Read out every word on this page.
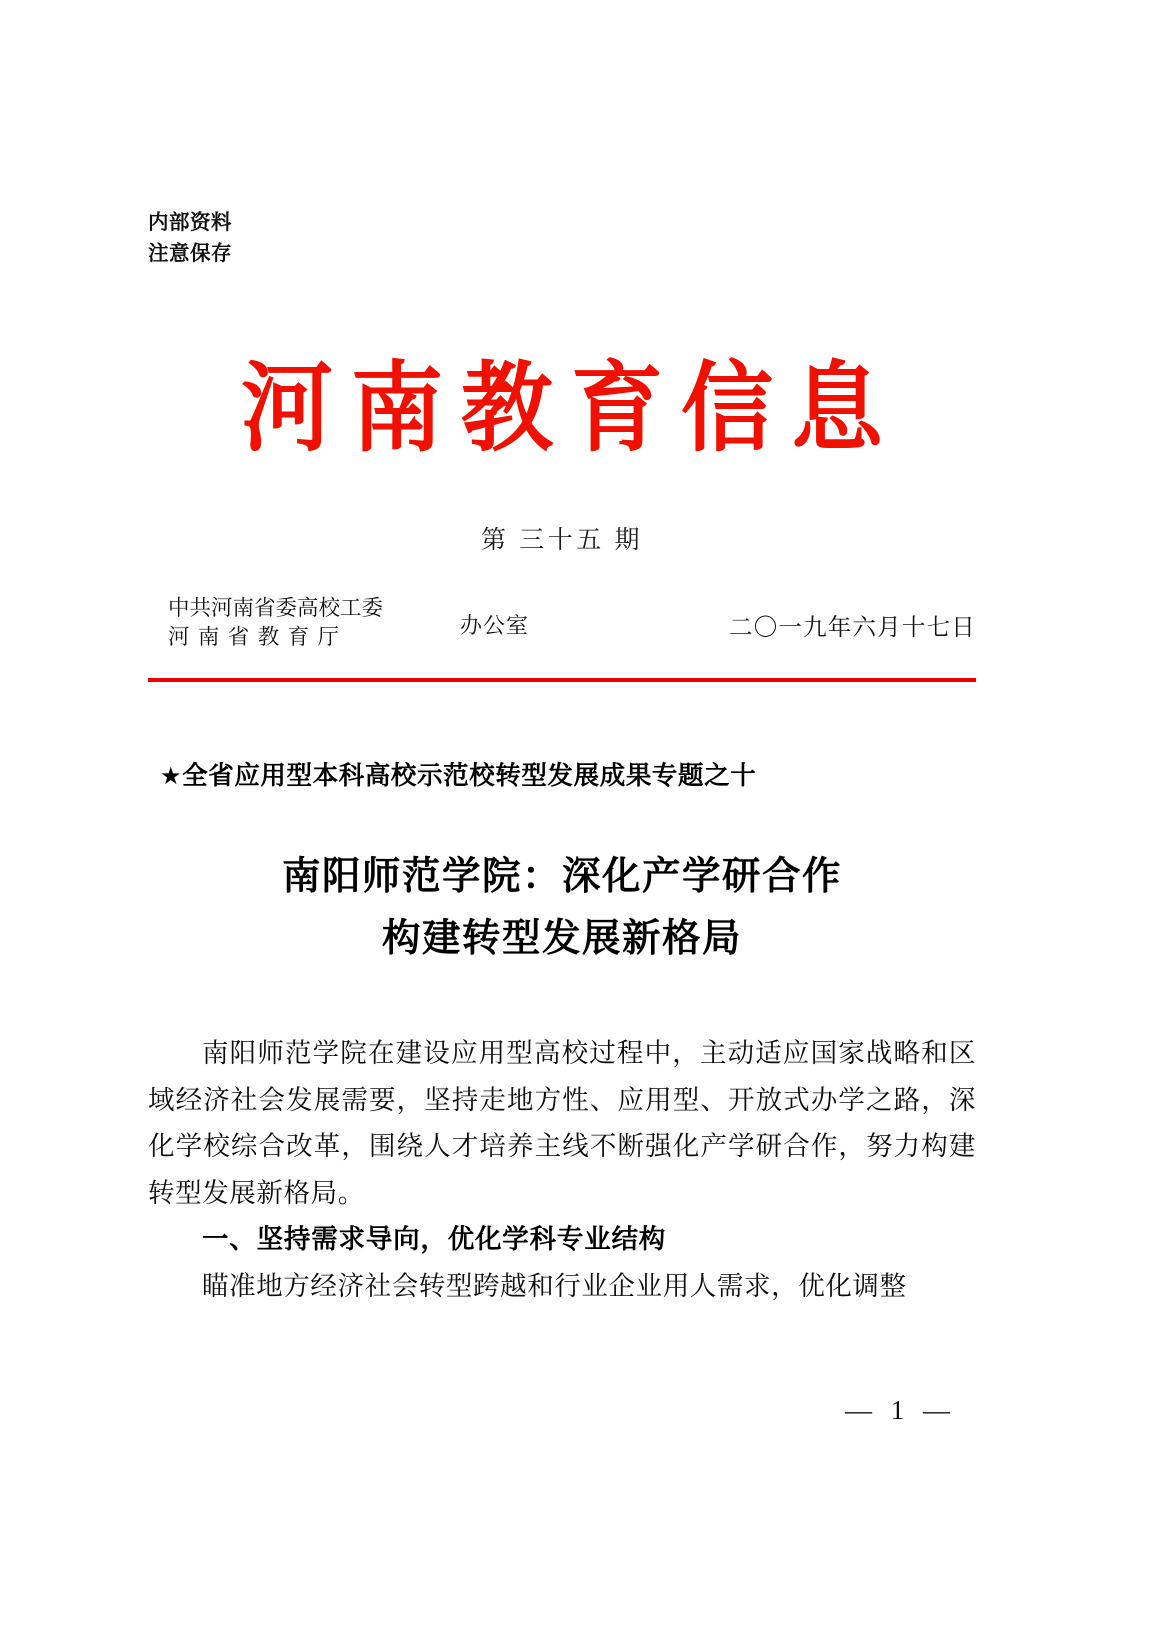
内部资料
注意保存
河南教育信息
第 三十五 期
中共河南省委高校工委
河南省教育厅	办公室	二〇一九年六月十七日
★全省应用型本科高校示范校转型发展成果专题之十
南阳师范学院：深化产学研合作
构建转型发展新格局

南阳师范学院在建设应用型高校过程中，主动适应国家战略和区域经济社会发展需要，坚持走地方性、应用型、开放式办学之路，深化学校综合改革，围绕人才培养主线不断强化产学研合作，努力构建转型发展新格局。

一、坚持需求导向，优化学科专业结构

瞄准地方经济社会转型跨越和行业企业用人需求，优化调整

— 1 —
